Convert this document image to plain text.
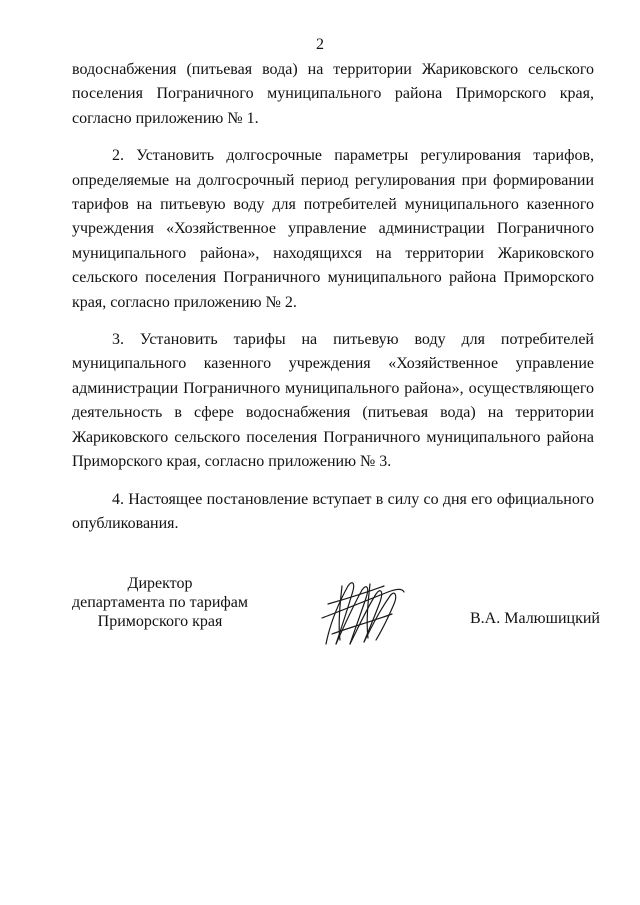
2

водоснабжения (питьевая вода) на территории Жариковского сельского поселения Пограничного муниципального района Приморского края, согласно приложению № 1.

2. Установить долгосрочные параметры регулирования тарифов, определяемые на долгосрочный период регулирования при формировании тарифов на питьевую воду для потребителей муниципального казенного учреждения «Хозяйственное управление администрации Пограничного муниципального района», находящихся на территории Жариковского сельского поселения Пограничного муниципального района Приморского края, согласно приложению № 2.

3. Установить тарифы на питьевую воду для потребителей муниципального казенного учреждения «Хозяйственное управление администрации Пограничного муниципального района», осуществляющего деятельность в сфере водоснабжения (питьевая вода) на территории Жариковского сельского поселения Пограничного муниципального района Приморского края, согласно приложению № 3.

4. Настоящее постановление вступает в силу со дня его официального опубликования.

Директор
департамента по тарифам
Приморского края	В.А. Малюшицкий
